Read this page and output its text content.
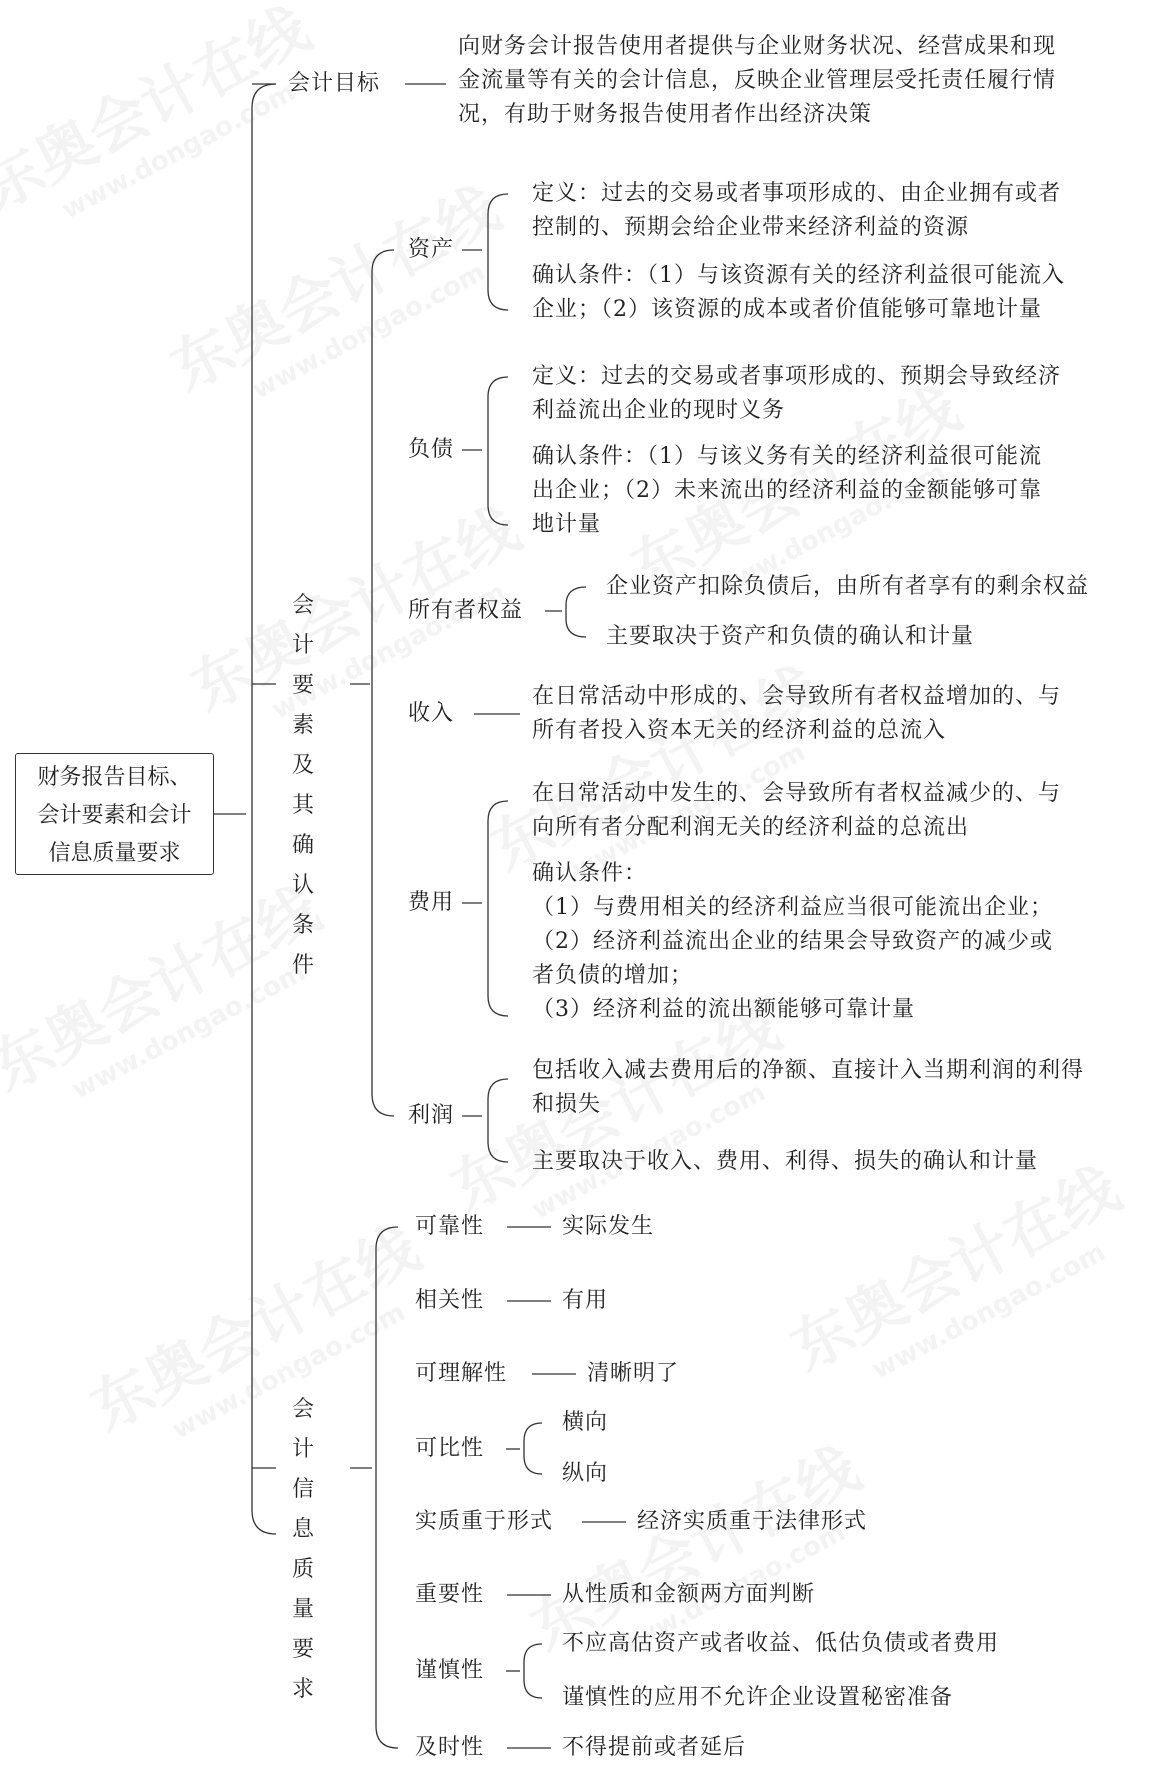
财务报告目标、
会计要素和会计
信息质量要求
会计目标
向财务会计报告使用者提供与企业财务状况、经营成果和现
金流量等有关的会计信息，反映企业管理层受托责任履行情
况，有助于财务报告使用者作出经济决策
会计
要素
及其
确认
条件
资产
定义：过去的交易或者事项形成的、由企业拥有或者
控制的、预期会给企业带来经济利益的资源
确认条件：（1）与该资源有关的经济利益很可能流入
企业；（2）该资源的成本或者价值能够可靠地计量
负债
定义：过去的交易或者事项形成的、预期会导致经济
利益流出企业的现时义务
确认条件：（1）与该义务有关的经济利益很可能流
出企业；（2）未来流出的经济利益的金额能够可靠
地计量
所有者权益
企业资产扣除负债后，由所有者享有的剩余权益
主要取决于资产和负债的确认和计量
收入
在日常活动中形成的、会导致所有者权益增加的、与
所有者投入资本无关的经济利益的总流入
费用
在日常活动中发生的、会导致所有者权益减少的、与
向所有者分配利润无关的经济利益的总流出
确认条件：
（1）与费用相关的经济利益应当很可能流出企业；
（2）经济利益流出企业的结果会导致资产的减少或
者负债的增加；
（3）经济利益的流出额能够可靠计量
利润
包括收入减去费用后的净额、直接计入当期利润的利得
和损失
主要取决于收入、费用、利得、损失的确认和计量
会计
信息
质量
要求
可靠性	实际发生
相关性	有用
可理解性	清晰明了
可比性
横向
纵向
实质重于形式	经济实质重于法律形式
重要性	从性质和金额两方面判断
谨慎性
不应高估资产或者收益、低估负债或者费用
谨慎性的应用不允许企业设置秘密准备
及时性	不得提前或者延后
